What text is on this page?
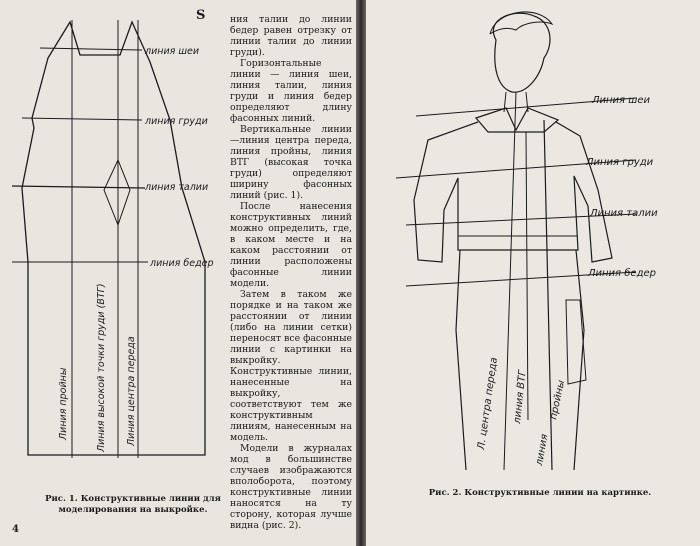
линия шеи
линия груди
линия талии
линия бедер
Линия пройны	Линия высокой точки груди (ВТГ) Линия центра переда
S	ния талии до линии бедер равен отрезку от линии талии до линии груди).

Горизонтальные линии — линия шеи, линия талии, линия груди и линия бедер определяют длину фасонных линий.

Вертикальные линии—линия центра переда, линия пройны, линия ВТГ (высокая точка груди) определяют ширину фасонных линий (рис. 1).

После нанесения конструктивных линий можно определить, где, в каком месте и на каком расстоянии от линии расположены фасонные линии модели.

Затем в таком же порядке и на таком же расстоянии от линии (либо на линии сетки) переносят все фасонные линии с картинки на выкройку. Конструктивные линии, нанесенные на выкройку, соответствуют тем же конструктивным линиям, нанесенным на модель.

Модели в журналах мод в большинстве случаев изображаются вполоборота, поэтому конструктивные линии наносятся на ту сторону, которая лучше видна (рис. 2).

Рис. 1. Конструктивные линии для моделирования на выкройке.
4
Линия шеи
Линия груди
Линия талии
Линия бедер
Л. центра переда линия ВТГ
линия
пройны
Рис. 2. Конструктивные линии на картинке.
